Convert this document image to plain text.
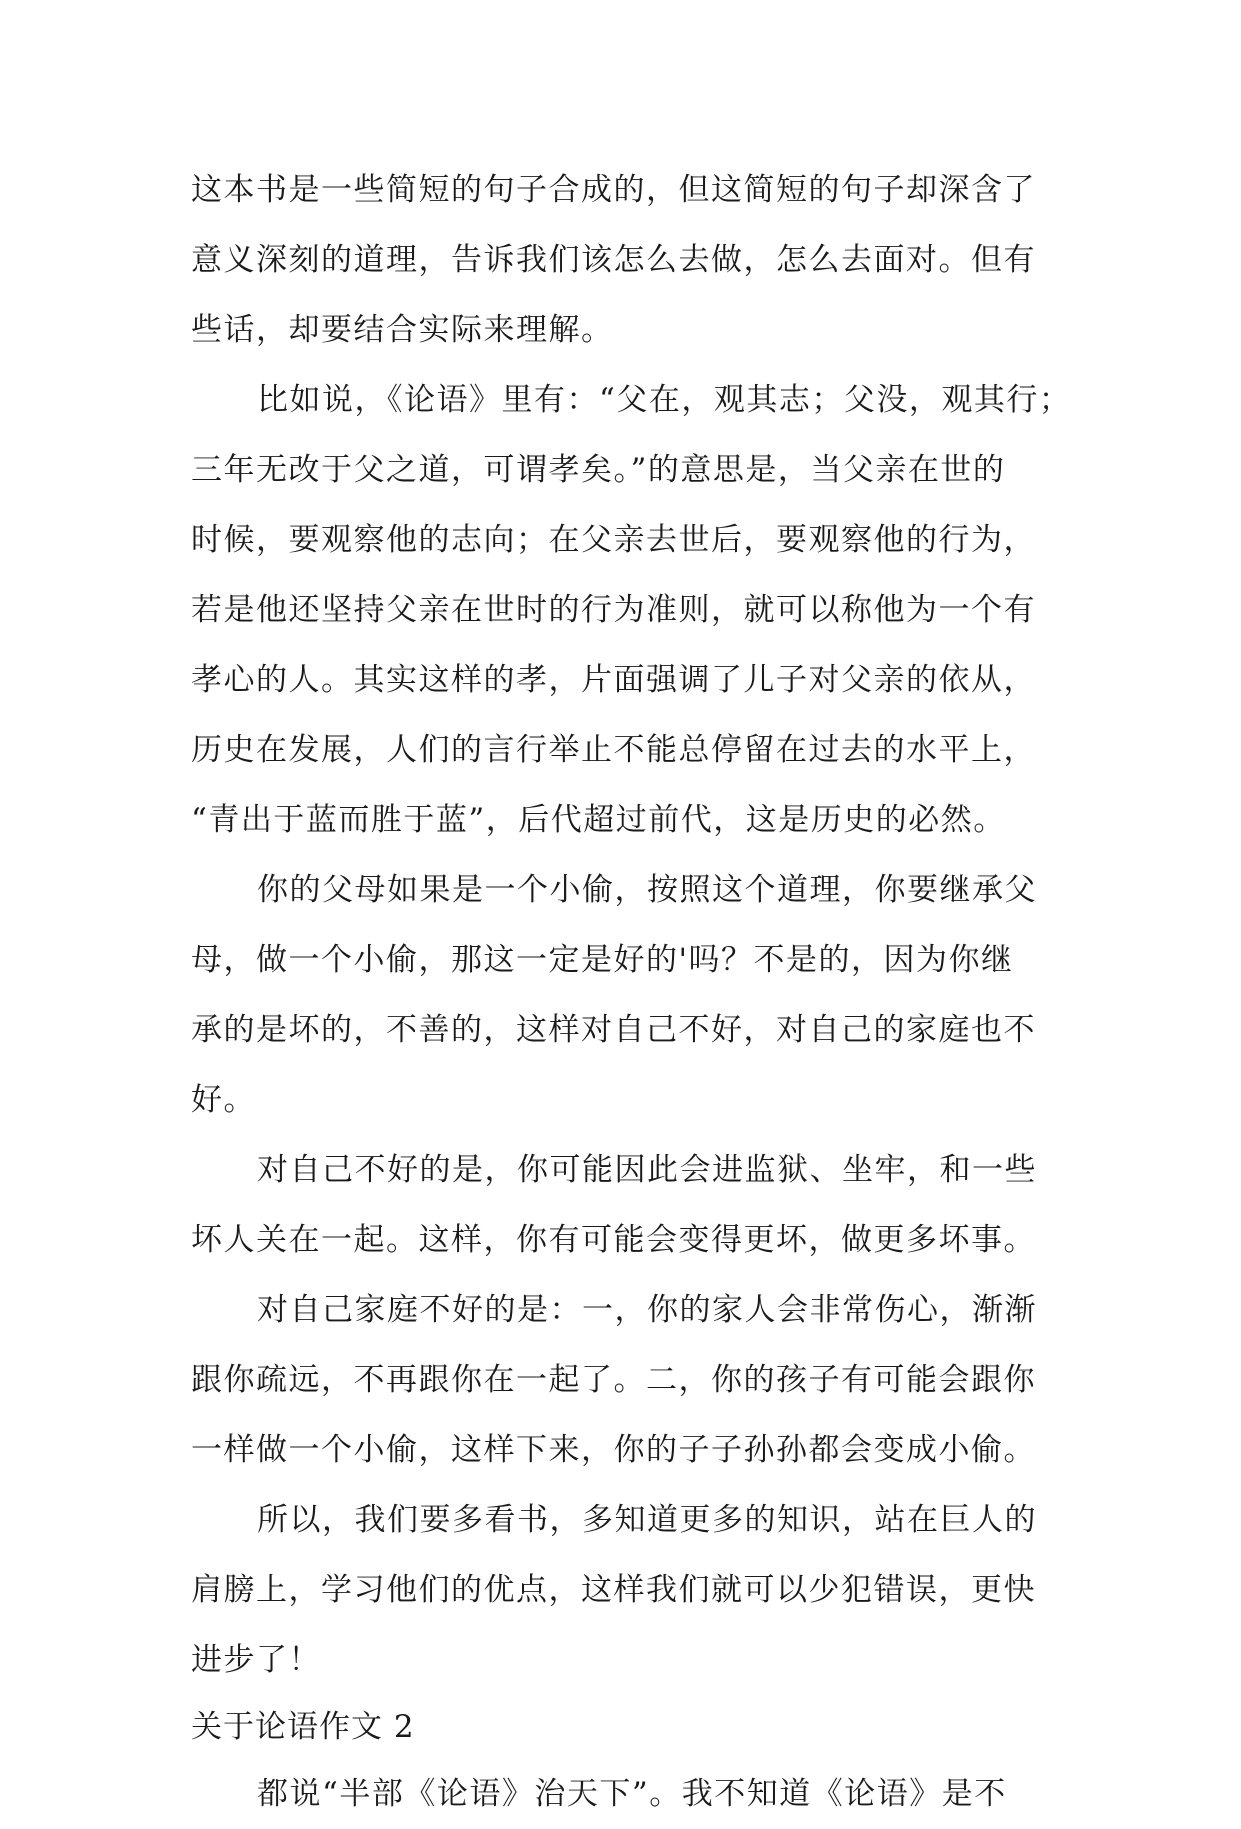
这本书是一些简短的句子合成的，但这简短的句子却深含了
意义深刻的道理，告诉我们该怎么去做，怎么去面对。但有
些话，却要结合实际来理解。
比如说，《论语》里有：“父在，观其志；父没，观其行；
三年无改于父之道，可谓孝矣。”的意思是，当父亲在世的
时候，要观察他的志向；在父亲去世后，要观察他的行为，
若是他还坚持父亲在世时的行为准则，就可以称他为一个有
孝心的人。其实这样的孝，片面强调了儿子对父亲的依从，
历史在发展，人们的言行举止不能总停留在过去的水平上，
“青出于蓝而胜于蓝”，后代超过前代，这是历史的必然。
你的父母如果是一个小偷，按照这个道理，你要继承父
母，做一个小偷，那这一定是好的'吗？不是的，因为你继
承的是坏的，不善的，这样对自己不好，对自己的家庭也不
好。
对自己不好的是，你可能因此会进监狱、坐牢，和一些
坏人关在一起。这样，你有可能会变得更坏，做更多坏事。
对自己家庭不好的是：一，你的家人会非常伤心，渐渐
跟你疏远，不再跟你在一起了。二，你的孩子有可能会跟你
一样做一个小偷，这样下来，你的子子孙孙都会变成小偷。
所以，我们要多看书，多知道更多的知识，站在巨人的
肩膀上，学习他们的优点，这样我们就可以少犯错误，更快
进步了！
关于论语作文 2
都说“半部《论语》治天下”。我不知道《论语》是不
